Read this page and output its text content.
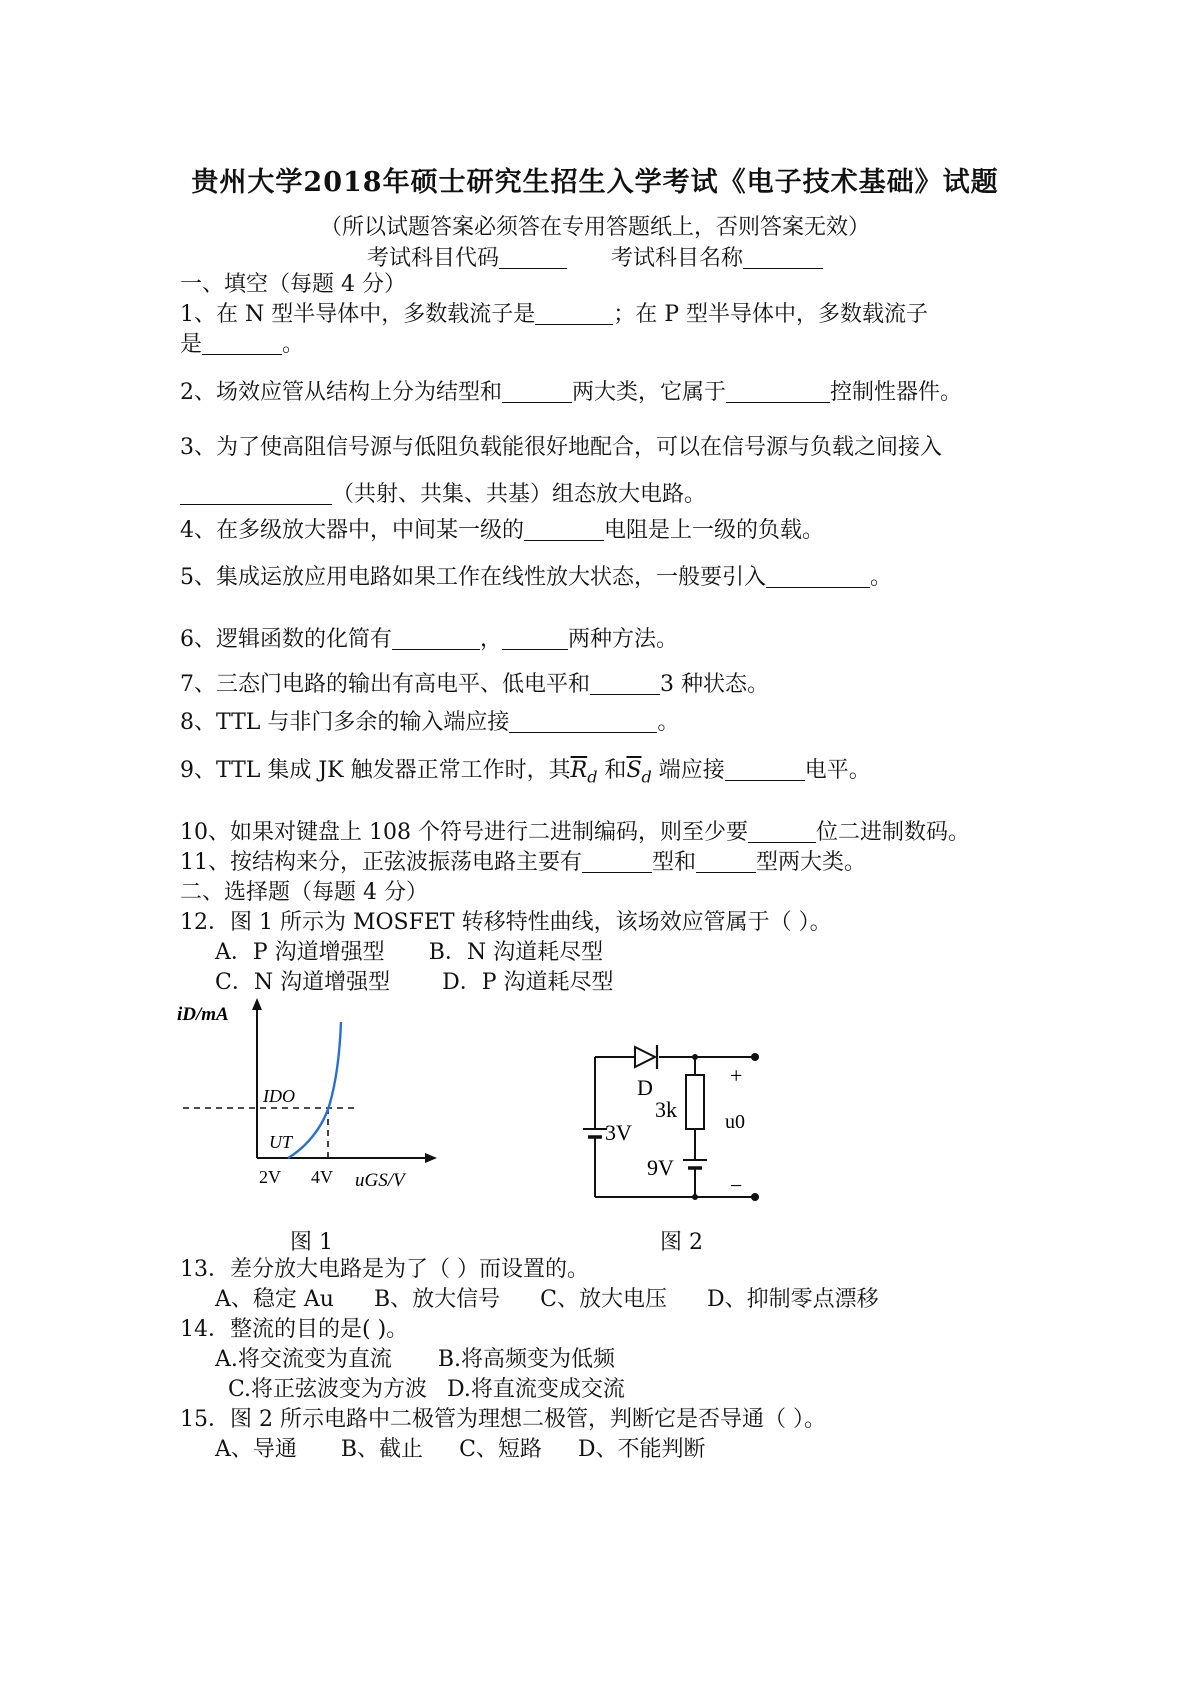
贵州大学2018年硕士研究生招生入学考试《电子技术基础》试题
（所以试题答案必须答在专用答题纸上，否则答案无效）
考试科目代码	考试科目名称
一、填空（每题 4 分）
1、在 N 型半导体中，多数载流子是	；在 P 型半导体中，多数载流子
是	。
2、场效应管从结构上分为结型和	两大类，它属于	控制性器件。
3、为了使高阻信号源与低阻负载能很好地配合，可以在信号源与负载之间接入
（共射、共集、共基）组态放大电路。
4、在多级放大器中，中间某一级的	电阻是上一级的负载。
5、集成运放应用电路如果工作在线性放大状态，一般要引入	。
6、逻辑函数的化简有	，	两种方法。
7、三态门电路的输出有高电平、低电平和	3 种状态。
8、TTL 与非门多余的输入端应接	。
9、TTL 集成 JK 触发器正常工作时，其$\overline{R}_d$ 和$\overline{S}_d$ 端应接	电平。
10、如果对键盘上 108 个符号进行二进制编码，则至少要	位二进制数码。
11、按结构来分，正弦波振荡电路主要有	型和	型两大类。
二、选择题（每题 4 分）
12．图 1 所示为 MOSFET 转移特性曲线，该场效应管属于（ ）。
A．P 沟道增强型 B．N 沟道耗尽型
C．N 沟道增强型 D．P 沟道耗尽型
iD/mA
IDO
UT
2V 4V uGS/V
图 1
D
3V
3k
9V
+
u0
−
图 2
13．差分放大电路是为了（ ）而设置的。
A、稳定 Au B、放大信号 C、放大电压 D、抑制零点漂移
14．整流的目的是( )。
A.将交流变为直流 B.将高频变为低频
C.将正弦波变为方波 D.将直流变成交流
15．图 2 所示电路中二极管为理想二极管，判断它是否导通（ ）。
A、导通 B、截止 C、短路 D、不能判断
